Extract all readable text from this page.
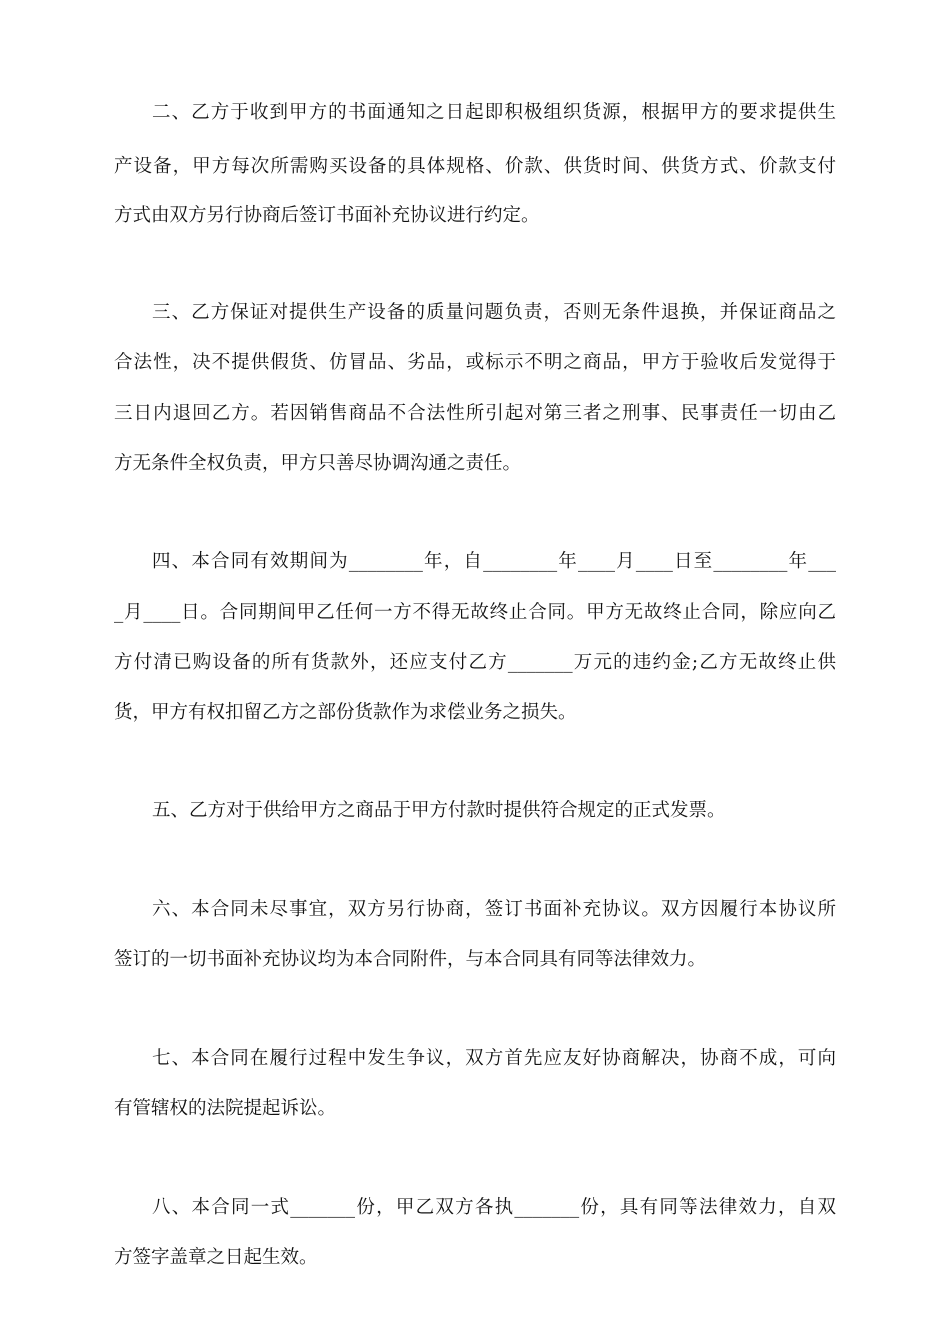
二、乙方于收到甲方的书面通知之日起即积极组织货源，根据甲方的要求提供生
产设备，甲方每次所需购买设备的具体规格、价款、供货时间、供货方式、价款支付
方式由双方另行协商后签订书面补充协议进行约定。
三、乙方保证对提供生产设备的质量问题负责，否则无条件退换，并保证商品之
合法性，决不提供假货、仿冒品、劣品，或标示不明之商品，甲方于验收后发觉得于
三日内退回乙方。若因销售商品不合法性所引起对第三者之刑事、民事责任一切由乙
方无条件全权负责，甲方只善尽协调沟通之责任。
四、本合同有效期间为________年，自________年____月____日至________年___
_月____日。合同期间甲乙任何一方不得无故终止合同。甲方无故终止合同，除应向乙
方付清已购设备的所有货款外，还应支付乙方_______万元的违约金;乙方无故终止供
货，甲方有权扣留乙方之部份货款作为求偿业务之损失。
五、乙方对于供给甲方之商品于甲方付款时提供符合规定的正式发票。
六、本合同未尽事宜，双方另行协商，签订书面补充协议。双方因履行本协议所
签订的一切书面补充协议均为本合同附件，与本合同具有同等法律效力。
七、本合同在履行过程中发生争议，双方首先应友好协商解决，协商不成，可向
有管辖权的法院提起诉讼。
八、本合同一式_______份，甲乙双方各执_______份，具有同等法律效力，自双
方签字盖章之日起生效。
